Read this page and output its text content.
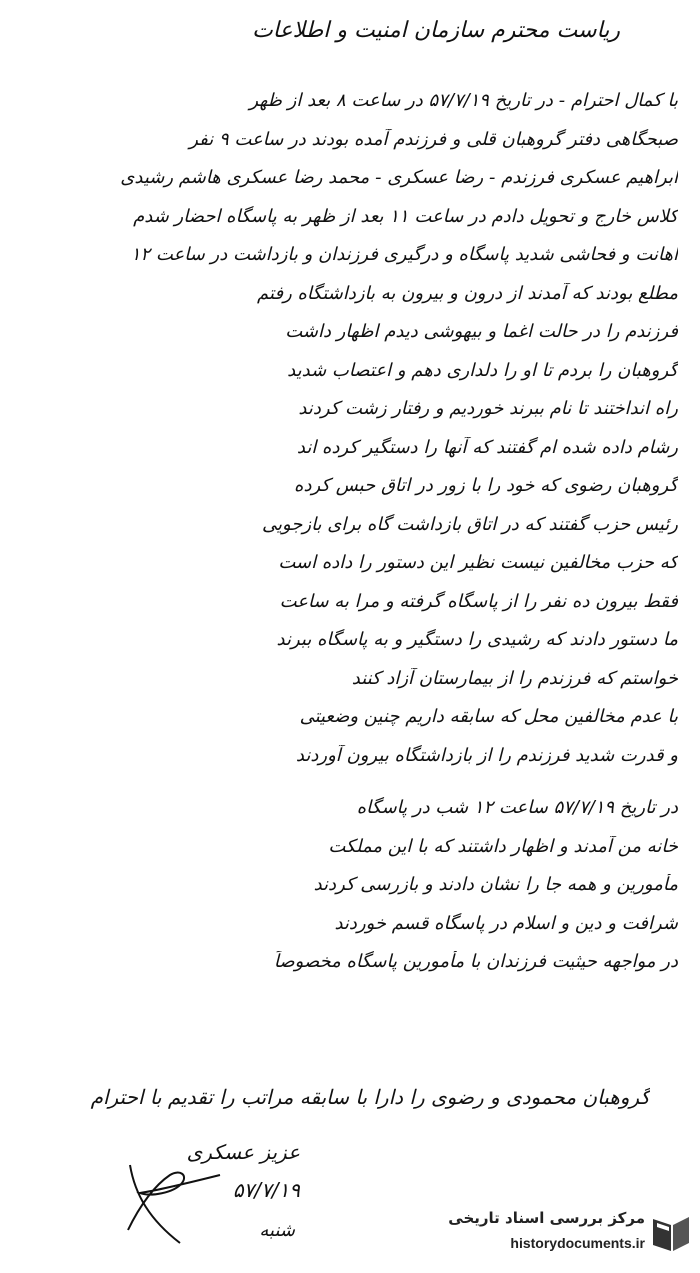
ریاست محترم سازمان امنیت و اطلاعات
با کمال احترام - در تاریخ ۵۷/۷/۱۹ در ساعت ۸ بعد از ظهر
صبحگاهی دفتر گروهبان قلی و فرزندم آمده بودند در ساعت ۹ نفر
ابراهیم عسکری فرزندم - رضا عسکری - محمد رضا عسکری هاشم رشیدی
کلاس خارج و تحویل دادم در ساعت ۱۱ بعد از ظهر به پاسگاه احضار شدم
اهانت و فحاشی شدید پاسگاه و درگیری فرزندان و بازداشت در ساعت ۱۲
مطلع بودند که آمدند از درون و بیرون به بازداشتگاه رفتم
فرزندم را در حالت اغما و بیهوشی دیدم اظهار داشت
گروهبان را بردم تا او را دلداری دهم و اعتصاب شدید
راه انداختند تا نام ببرند خوردیم و رفتار زشت کردند
رشام داده شده ام گفتند که آنها را دستگیر کرده اند
گروهبان رضوی که خود را با زور در اتاق حبس کرده
رئیس حزب گفتند که در اتاق بازداشت گاه برای بازجویی
که حزب مخالفین نیست نظیر این دستور را داده است
فقط بیرون ده نفر را از پاسگاه گرفته و مرا به ساعت
ما دستور دادند که رشیدی را دستگیر و به پاسگاه ببرند
خواستم که فرزندم را از بیمارستان آزاد کنند
با عدم مخالفین محل که سابقه داریم چنین وضعیتی
و قدرت شدید فرزندم را از بازداشتگاه بیرون آوردند
در تاریخ ۵۷/۷/۱۹ ساعت ۱۲ شب در پاسگاه
خانه من آمدند و اظهار داشتند که با این مملکت
مأمورین و همه جا را نشان دادند و بازرسی کردند
شرافت و دین و اسلام در پاسگاه قسم خوردند
در مواجهه حیثیت فرزندان با مأمورین پاسگاه مخصوصاً
گروهبان محمودی و رضوی را دارا با سابقه مراتب را تقدیم با احترام
عزیز عسکری
۵۷/۷/۱۹
شنبه
مرکز بررسی اسناد تاریخی
historydocuments.ir
